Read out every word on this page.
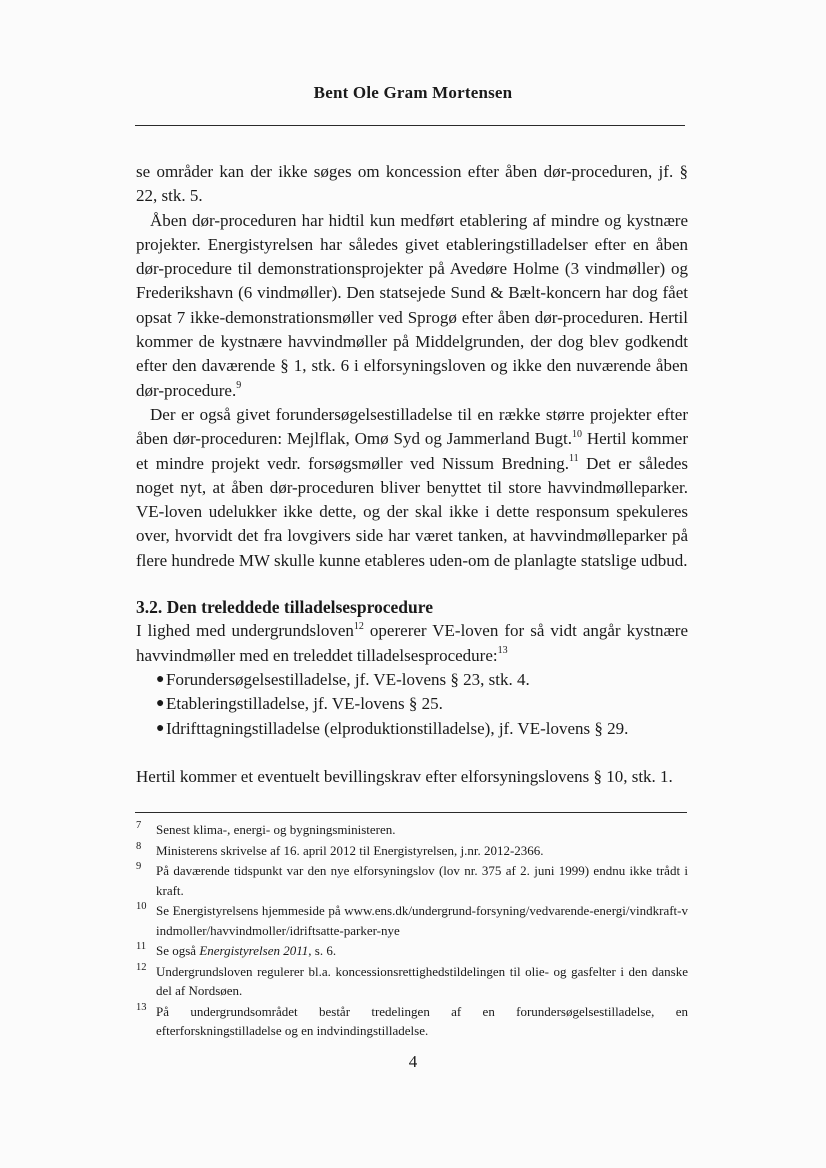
Bent Ole Gram Mortensen

se områder kan der ikke søges om koncession efter åben dør-proceduren, jf. § 22, stk. 5.

Åben dør-proceduren har hidtil kun medført etablering af mindre og kystnære projekter. Energistyrelsen har således givet etableringstilladelser efter en åben dør-procedure til demonstrationsprojekter på Avedøre Holme (3 vindmøller) og Frederikshavn (6 vindmøller). Den statsejede Sund & Bælt-koncern har dog fået opsat 7 ikke-demonstrationsmøller ved Sprogø efter åben dør-proceduren. Hertil kommer de kystnære havvindmøller på Middelgrunden, der dog blev godkendt efter den daværende § 1, stk. 6 i elforsyningsloven og ikke den nuværende åben dør-procedure.$^9$

Der er også givet forundersøgelsestilladelse til en række større projekter efter åben dør-proceduren: Mejlflak, Omø Syd og Jammerland Bugt.$^{10}$ Hertil kommer et mindre projekt vedr. forsøgsmøller ved Nissum Bredning.$^{11}$ Det er således noget nyt, at åben dør-proceduren bliver benyttet til store havvindmølleparker. VE-loven udelukker ikke dette, og der skal ikke i dette responsum spekuleres over, hvorvidt det fra lovgivers side har været tanken, at havvindmølleparker på flere hundrede MW skulle kunne etableres uden-om de planlagte statslige udbud.

3.2. Den treleddede tilladelsesprocedure

I lighed med undergrundsloven$^{12}$ opererer VE-loven for så vidt angår kystnære havvindmøller med en treleddet tilladelsesprocedure:$^{13}$

● Forundersøgelsestilladelse, jf. VE-lovens § 23, stk. 4.
● Etableringstilladelse, jf. VE-lovens § 25.
● Idrifttagningstilladelse (elproduktionstilladelse), jf. VE-lovens § 29.

Hertil kommer et eventuelt bevillingskrav efter elforsyningslovens § 10, stk. 1.

7 Senest klima-, energi- og bygningsministeren.
8 Ministerens skrivelse af 16. april 2012 til Energistyrelsen, j.nr. 2012-2366.
9 På daværende tidspunkt var den nye elforsyningslov (lov nr. 375 af 2. juni 1999) endnu ikke trådt i kraft.
10 Se Energistyrelsens hjemmeside på www.ens.dk/undergrund-forsyning/vedvarende-energi/vindkraft-vindmoller/havvindmoller/idriftsatte-parker-nye
11 Se også Energistyrelsen 2011, s. 6.
12 Undergrundsloven regulerer bl.a. koncessionsrettighedstildelingen til olie- og gasfelter i den danske del af Nordsøen.
13 På undergrundsområdet består tredelingen af en forundersøgelsestilladelse, en efterforskningstilladelse og en indvindingstilladelse.
4
